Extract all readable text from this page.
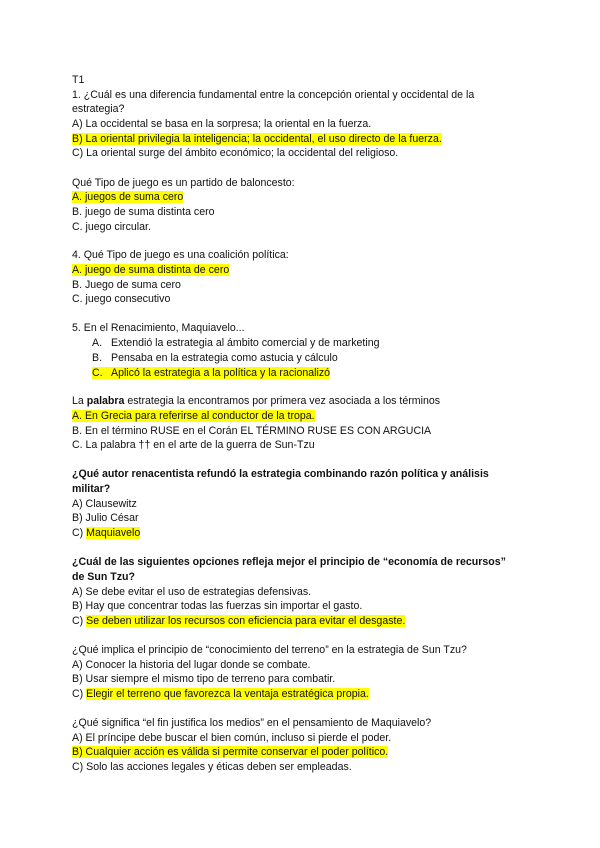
T1
1. ¿Cuál es una diferencia fundamental entre la concepción oriental y occidental de la
estrategia?
A) La occidental se basa en la sorpresa; la oriental en la fuerza.
B) La oriental privilegia la inteligencia; la occidental, el uso directo de la fuerza.
C) La oriental surge del ámbito económico; la occidental del religioso.
Qué Tipo de juego es un partido de baloncesto:
A. juegos de suma cero
B. juego de suma distinta cero
C. juego circular.
4. Qué Tipo de juego es una coalición política:
A. juego de suma distinta de cero
B. Juego de suma cero
C. juego consecutivo
5. En el Renacimiento, Maquiavelo...
A. Extendió la estrategia al ámbito comercial y de marketing
B. Pensaba en la estrategia como astucia y cálculo
C. Aplicó la estrategia a la política y la racionalizó
La palabra estrategia la encontramos por primera vez asociada a los términos
A. En Grecia para referirse al conductor de la tropa.
B. En el término RUSE en el Corán EL TÉRMINO RUSE ES CON ARGUCIA
C. La palabra †† en el arte de la guerra de Sun-Tzu
¿Qué autor renacentista refundó la estrategia combinando razón política y análisis
militar?
A) Clausewitz
B) Julio César
C) Maquiavelo
¿Cuál de las siguientes opciones refleja mejor el principio de “economía de recursos”
de Sun Tzu?
A) Se debe evitar el uso de estrategias defensivas.
B) Hay que concentrar todas las fuerzas sin importar el gasto.
C) Se deben utilizar los recursos con eficiencia para evitar el desgaste.
¿Qué implica el principio de “conocimiento del terreno” en la estrategia de Sun Tzu?
A) Conocer la historia del lugar donde se combate.
B) Usar siempre el mismo tipo de terreno para combatir.
C) Elegir el terreno que favorezca la ventaja estratégica propia.
¿Qué significa “el fin justifica los medios” en el pensamiento de Maquiavelo?
A) El príncipe debe buscar el bien común, incluso si pierde el poder.
B) Cualquier acción es válida si permite conservar el poder político.
C) Solo las acciones legales y éticas deben ser empleadas.
